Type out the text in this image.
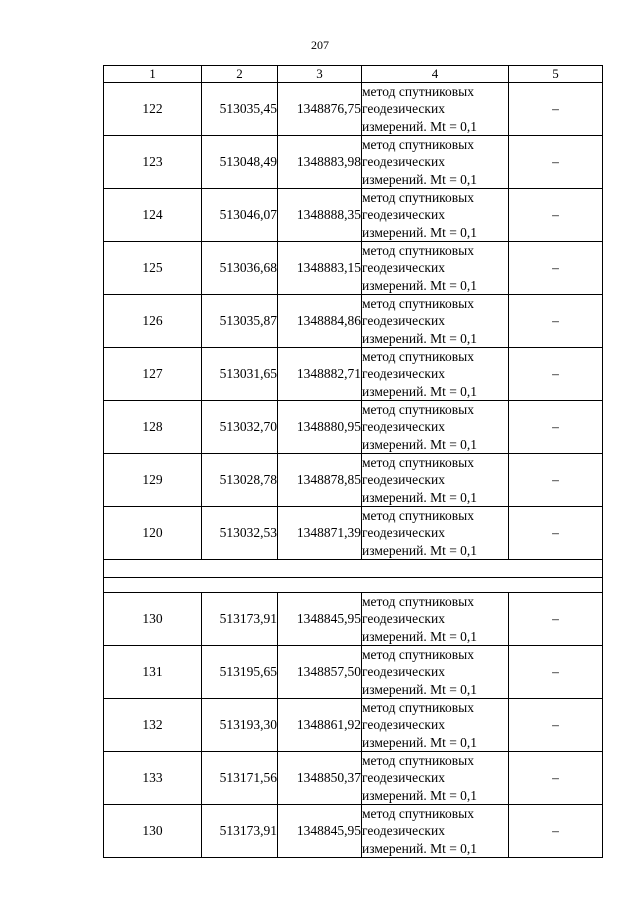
207
1	2	3	4	5
122	513035,45	1348876,75	метод спутниковых
геодезических
измерений. Mt = 0,1	–
123	513048,49	1348883,98	метод спутниковых
геодезических
измерений. Mt = 0,1	–
124	513046,07	1348888,35	метод спутниковых
геодезических
измерений. Mt = 0,1	–
125	513036,68	1348883,15	метод спутниковых
геодезических
измерений. Mt = 0,1	–
126	513035,87	1348884,86	метод спутниковых
геодезических
измерений. Mt = 0,1	–
127	513031,65	1348882,71	метод спутниковых
геодезических
измерений. Mt = 0,1	–
128	513032,70	1348880,95	метод спутниковых
геодезических
измерений. Mt = 0,1	–
129	513028,78	1348878,85	метод спутниковых
геодезических
измерений. Mt = 0,1	–
120	513032,53	1348871,39	метод спутниковых
геодезических
измерений. Mt = 0,1	–

130	513173,91	1348845,95	метод спутниковых
геодезических
измерений. Mt = 0,1	–
131	513195,65	1348857,50	метод спутниковых
геодезических
измерений. Mt = 0,1	–
132	513193,30	1348861,92	метод спутниковых
геодезических
измерений. Mt = 0,1	–
133	513171,56	1348850,37	метод спутниковых
геодезических
измерений. Mt = 0,1	–
130	513173,91	1348845,95	метод спутниковых
геодезических
измерений. Mt = 0,1	–
